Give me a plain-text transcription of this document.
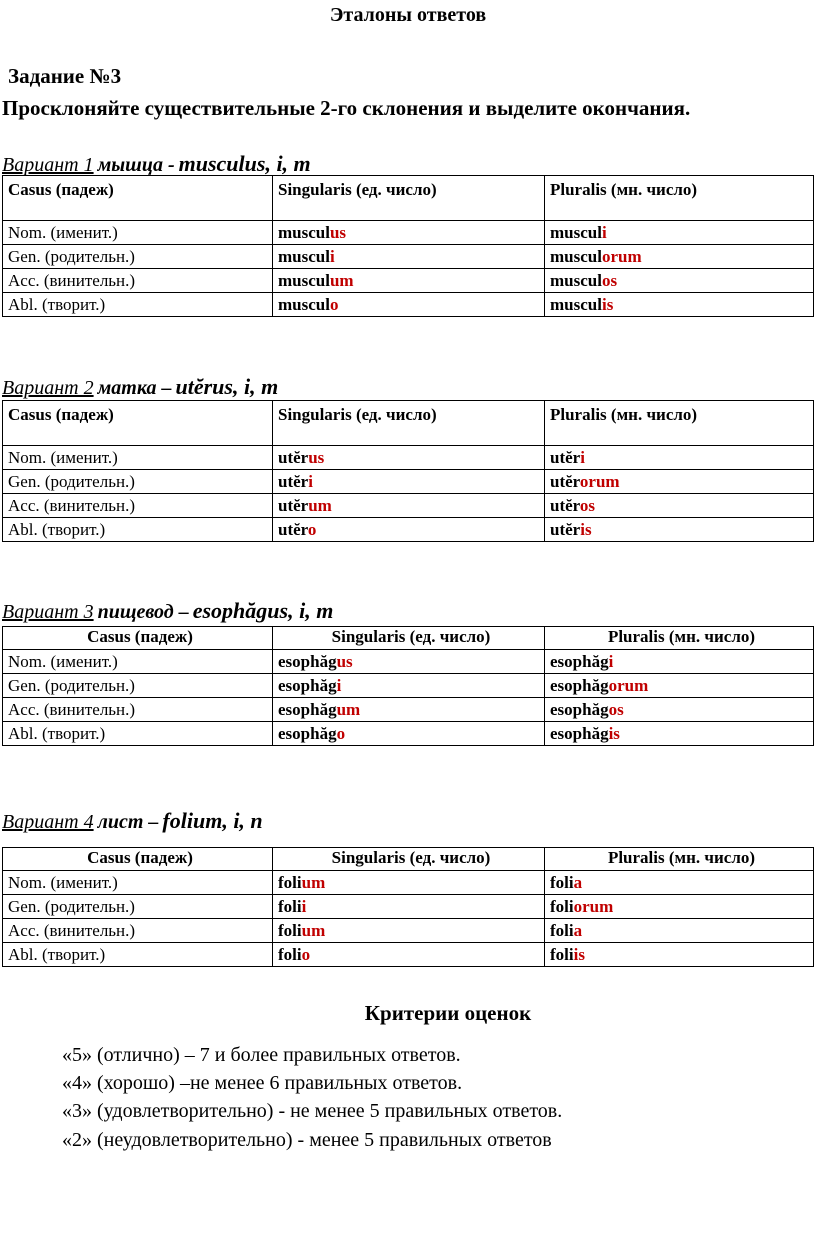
Эталоны ответов
Задание №3
Просклоняйте существительные 2-го склонения и выделите окончания.
Вариант 1 мышца - musculus, i, m
Casus (падеж)	Singularis (ед. число)	Pluralis (мн. число)
Nom. (именит.)	musculus	musculi
Gen. (родительн.)	musculi	musculorum
Acc. (винительн.)	musculum	musculos
Abl. (творит.)	musculo	musculis
Вариант 2 матка – utĕrus, i, m
Casus (падеж)	Singularis (ед. число)	Pluralis (мн. число)
Nom. (именит.)	utĕrus	utĕri
Gen. (родительн.)	utĕri	utĕrorum
Acc. (винительн.)	utĕrum	utĕros
Abl. (творит.)	utĕro	utĕris
Вариант 3 пищевод – esophăgus, i, m
Casus (падеж)	Singularis (ед. число)	Pluralis (мн. число)
Nom. (именит.)	esophăgus	esophăgi
Gen. (родительн.)	esophăgi	esophăgorum
Acc. (винительн.)	esophăgum	esophăgos
Abl. (творит.)	esophăgo	esophăgis
Вариант 4 лист – folium, i, n
Casus (падеж)	Singularis (ед. число)	Pluralis (мн. число)
Nom. (именит.)	folium	folia
Gen. (родительн.)	folii	foliorum
Acc. (винительн.)	folium	folia
Abl. (творит.)	folio	foliis
Критерии оценок
«5» (отлично) – 7 и более правильных ответов.
«4» (хорошо) –не менее 6 правильных ответов.
«3» (удовлетворительно) - не менее 5 правильных ответов.
«2» (неудовлетворительно) - менее 5 правильных ответов
